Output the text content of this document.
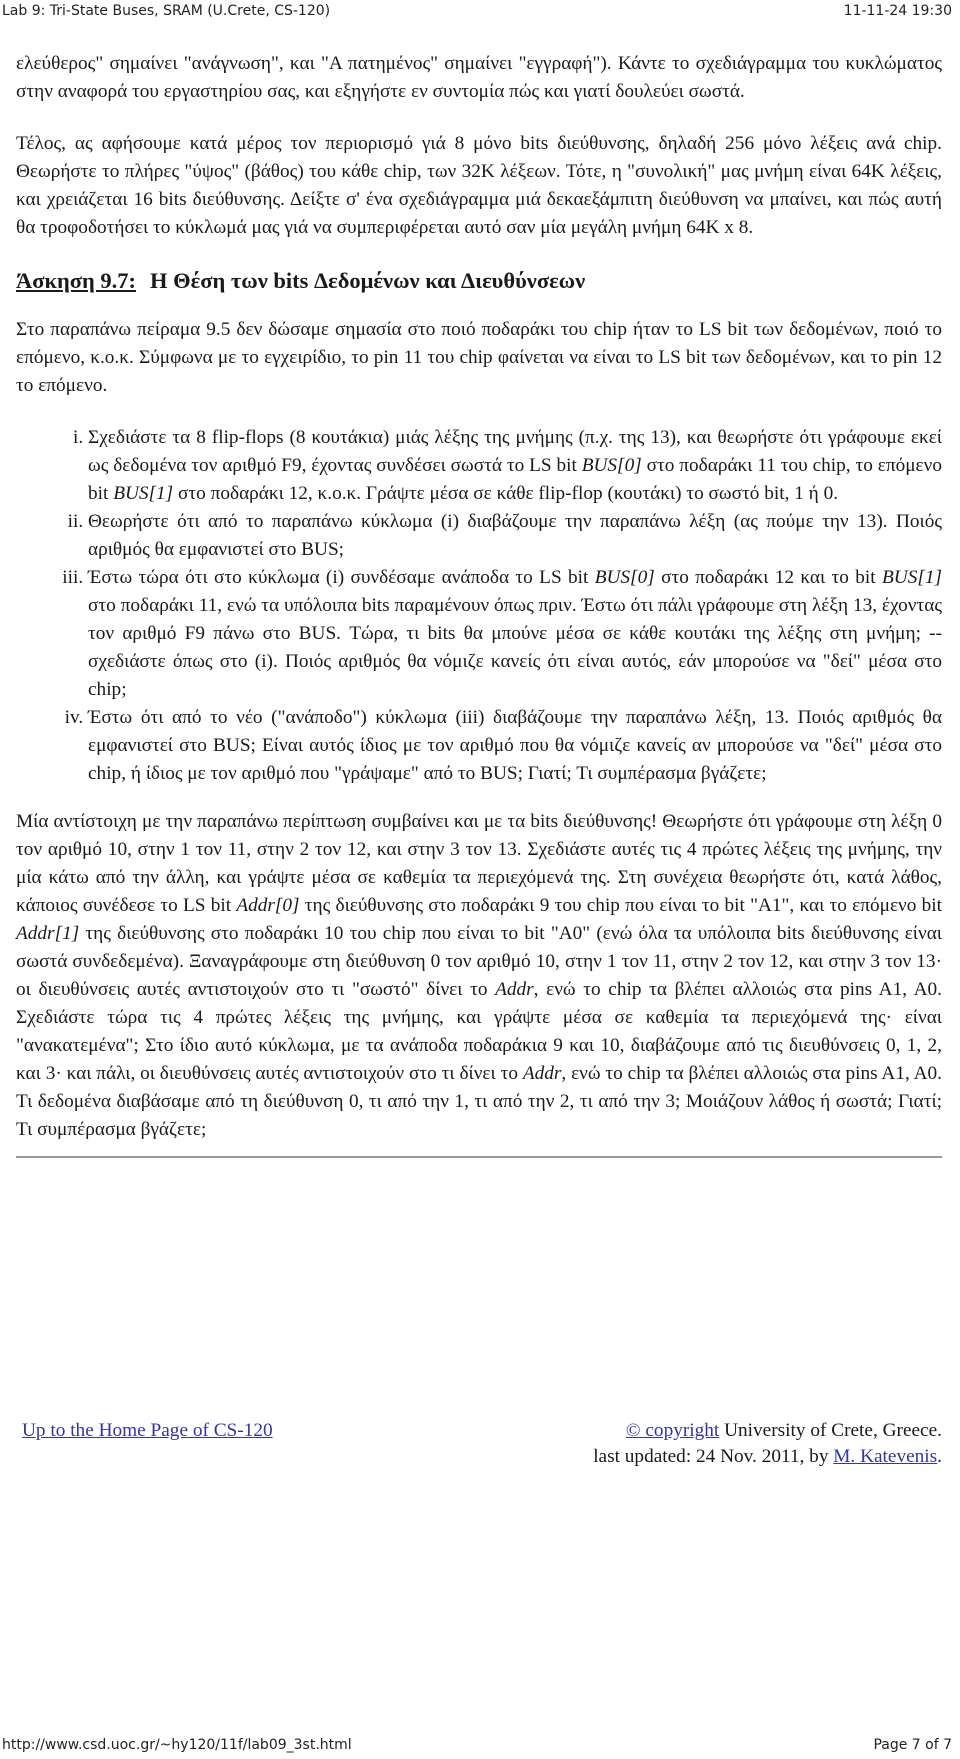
Lab 9: Tri-State Buses, SRAM (U.Crete, CS-120)	11-11-24 19:30

ελεύθερος" σημαίνει "ανάγνωση", και "Α πατημένος" σημαίνει "εγγραφή"). Κάντε το σχεδιάγραμμα του κυκλώματος στην αναφορά του εργαστηρίου σας, και εξηγήστε εν συντομία πώς και γιατί δουλεύει σωστά.

Τέλος, ας αφήσουμε κατά μέρος τον περιορισμό γιά 8 μόνο bits διεύθυνσης, δηλαδή 256 μόνο λέξεις ανά chip. Θεωρήστε το πλήρες "ύψος" (βάθος) του κάθε chip, των 32K λέξεων. Τότε, η "συνολική" μας μνήμη είναι 64K λέξεις, και χρειάζεται 16 bits διεύθυνσης. Δείξτε σ' ένα σχεδιάγραμμα μιά δεκαεξάμπιτη διεύθυνση να μπαίνει, και πώς αυτή θα τροφοδοτήσει το κύκλωμά μας γιά να συμπεριφέρεται αυτό σαν μία μεγάλη μνήμη 64K x 8.

Άσκηση 9.7: Η Θέση των bits Δεδομένων και Διευθύνσεων

Στο παραπάνω πείραμα 9.5 δεν δώσαμε σημασία στο ποιό ποδαράκι του chip ήταν το LS bit των δεδομένων, ποιό το επόμενο, κ.ο.κ. Σύμφωνα με το εγχειρίδιο, το pin 11 του chip φαίνεται να είναι το LS bit των δεδομένων, και το pin 12 το επόμενο.

i. Σχεδιάστε τα 8 flip-flops (8 κουτάκια) μιάς λέξης της μνήμης (π.χ. της 13), και θεωρήστε ότι γράφουμε εκεί ως δεδομένα τον αριθμό F9, έχοντας συνδέσει σωστά το LS bit BUS[0] στο ποδαράκι 11 του chip, το επόμενο bit BUS[1] στο ποδαράκι 12, κ.ο.κ. Γράψτε μέσα σε κάθε flip-flop (κουτάκι) το σωστό bit, 1 ή 0.
ii. Θεωρήστε ότι από το παραπάνω κύκλωμα (i) διαβάζουμε την παραπάνω λέξη (ας πούμε την 13). Ποιός αριθμός θα εμφανιστεί στο BUS;
iii. Έστω τώρα ότι στο κύκλωμα (i) συνδέσαμε ανάποδα το LS bit BUS[0] στο ποδαράκι 12 και το bit BUS[1] στο ποδαράκι 11, ενώ τα υπόλοιπα bits παραμένουν όπως πριν. Έστω ότι πάλι γράφουμε στη λέξη 13, έχοντας τον αριθμό F9 πάνω στο BUS. Τώρα, τι bits θα μπούνε μέσα σε κάθε κουτάκι της λέξης στη μνήμη; -- σχεδιάστε όπως στο (i). Ποιός αριθμός θα νόμιζε κανείς ότι είναι αυτός, εάν μπορούσε να "δεί" μέσα στο chip;
iv. Έστω ότι από το νέο ("ανάποδο") κύκλωμα (iii) διαβάζουμε την παραπάνω λέξη, 13. Ποιός αριθμός θα εμφανιστεί στο BUS; Είναι αυτός ίδιος με τον αριθμό που θα νόμιζε κανείς αν μπορούσε να "δεί" μέσα στο chip, ή ίδιος με τον αριθμό που "γράψαμε" από το BUS; Γιατί; Τι συμπέρασμα βγάζετε;

Μία αντίστοιχη με την παραπάνω περίπτωση συμβαίνει και με τα bits διεύθυνσης! Θεωρήστε ότι γράφουμε στη λέξη 0 τον αριθμό 10, στην 1 τον 11, στην 2 τον 12, και στην 3 τον 13. Σχεδιάστε αυτές τις 4 πρώτες λέξεις της μνήμης, την μία κάτω από την άλλη, και γράψτε μέσα σε καθεμία τα περιεχόμενά της. Στη συνέχεια θεωρήστε ότι, κατά λάθος, κάποιος συνέδεσε το LS bit Addr[0] της διεύθυνσης στο ποδαράκι 9 του chip που είναι το bit "A1", και το επόμενο bit Addr[1] της διεύθυνσης στο ποδαράκι 10 του chip που είναι το bit "A0" (ενώ όλα τα υπόλοιπα bits διεύθυνσης είναι σωστά συνδεδεμένα). Ξαναγράφουμε στη διεύθυνση 0 τον αριθμό 10, στην 1 τον 11, στην 2 τον 12, και στην 3 τον 13· οι διευθύνσεις αυτές αντιστοιχούν στο τι "σωστό" δίνει το Addr, ενώ το chip τα βλέπει αλλοιώς στα pins A1, A0. Σχεδιάστε τώρα τις 4 πρώτες λέξεις της μνήμης, και γράψτε μέσα σε καθεμία τα περιεχόμενά της· είναι "ανακατεμένα"; Στο ίδιο αυτό κύκλωμα, με τα ανάποδα ποδαράκια 9 και 10, διαβάζουμε από τις διευθύνσεις 0, 1, 2, και 3· και πάλι, οι διευθύνσεις αυτές αντιστοιχούν στο τι δίνει το Addr, ενώ το chip τα βλέπει αλλοιώς στα pins A1, A0. Τι δεδομένα διαβάσαμε από τη διεύθυνση 0, τι από την 1, τι από την 2, τι από την 3; Μοιάζουν λάθος ή σωστά; Γιατί; Τι συμπέρασμα βγάζετε;

Up to the Home Page of CS-120	© copyright University of Crete, Greece.
last updated: 24 Nov. 2011, by M. Katevenis.
http://www.csd.uoc.gr/~hy120/11f/lab09_3st.html	Page 7 of 7
